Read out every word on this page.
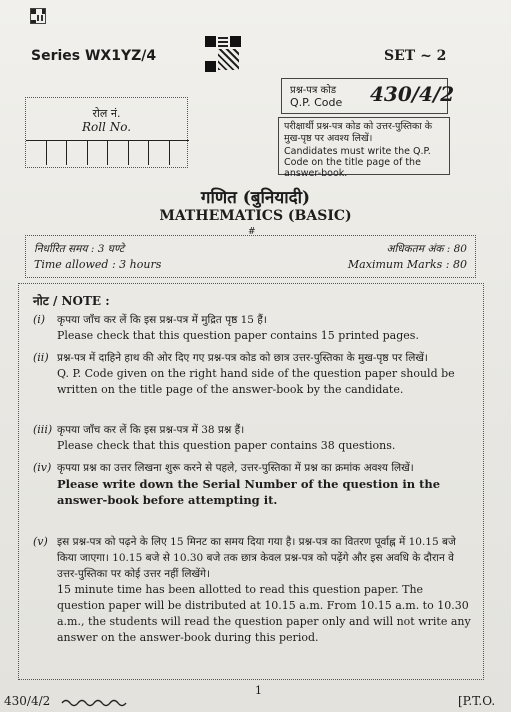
Series WX1YZ/4	SET ~ 2
प्रश्न-पत्र कोड
Q.P. Code 430/4/2
रोल नं.
Roll No.	परीक्षार्थी प्रश्न-पत्र कोड को उत्तर-पुस्तिका के मुख-पृष्ठ पर अवश्य लिखें।
Candidates must write the Q.P. Code on the title page of the answer-book.
गणित (बुनियादी)
MATHEMATICS (BASIC)
#
निर्धारित समय : 3 घण्टे
Time allowed : 3 hours
अधिकतम अंक : 80
Maximum Marks : 80
नोट / NOTE :
(i)	कृपया जाँच कर लें कि इस प्रश्न-पत्र में मुद्रित पृष्ठ 15 हैं।
Please check that this question paper contains 15 printed pages.
(ii) प्रश्न-पत्र में दाहिने हाथ की ओर दिए गए प्रश्न-पत्र कोड को छात्र उत्तर-पुस्तिका के मुख-पृष्ठ पर लिखें।
Q. P. Code given on the right hand side of the question paper should be written on the title page of the answer-book by the candidate.
(iii) कृपया जाँच कर लें कि इस प्रश्न-पत्र में 38 प्रश्न हैं।
Please check that this question paper contains 38 questions.
(iv) कृपया प्रश्न का उत्तर लिखना शुरू करने से पहले, उत्तर-पुस्तिका में प्रश्न का क्रमांक अवश्य लिखें।
Please write down the Serial Number of the question in the answer-book before attempting it.
(v) इस प्रश्न-पत्र को पढ़ने के लिए 15 मिनट का समय दिया गया है। प्रश्न-पत्र का वितरण पूर्वाह्न में 10.15 बजे किया जाएगा। 10.15 बजे से 10.30 बजे तक छात्र केवल प्रश्न-पत्र को पढ़ेंगे और इस अवधि के दौरान वे उत्तर-पुस्तिका पर कोई उत्तर नहीं लिखेंगे।
15 minute time has been allotted to read this question paper. The question paper will be distributed at 10.15 a.m. From 10.15 a.m. to 10.30 a.m., the students will read the question paper only and will not write any answer on the answer-book during this period.
1
430/4/2	[P.T.O.
